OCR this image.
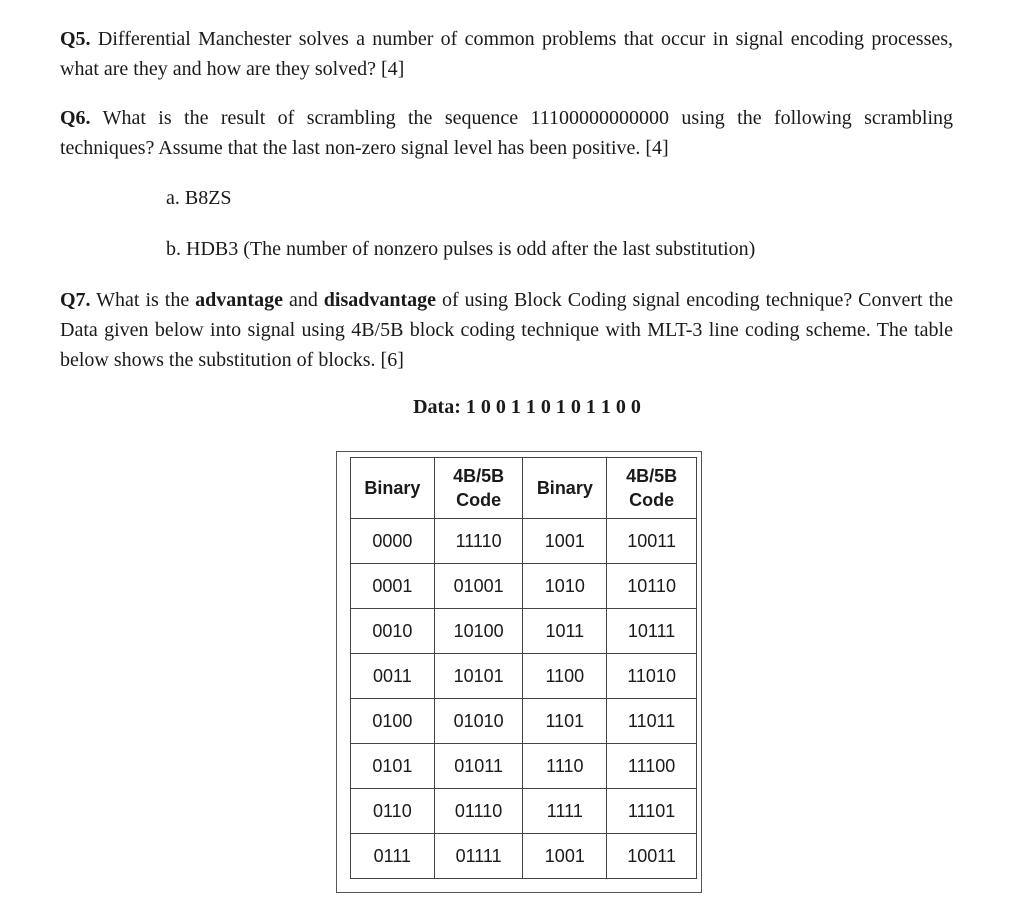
Q5. Differential Manchester solves a number of common problems that occur in signal encoding processes, what are they and how are they solved? [4]

Q6. What is the result of scrambling the sequence 11100000000000 using the following scrambling techniques? Assume that the last non-zero signal level has been positive. [4]

a. B8ZS

b. HDB3 (The number of nonzero pulses is odd after the last substitution)

Q7. What is the advantage and disadvantage of using Block Coding signal encoding technique? Convert the Data given below into signal using 4B/5B block coding technique with MLT-3 line coding scheme. The table below shows the substitution of blocks. [6]

Data: 1 0 0 1 1 0 1 0 1 1 0 0
Binary	4B/5B Code	Binary	4B/5B Code
0000	11110	1001	10011
0001	01001	1010	10110
0010	10100	1011	10111
0011	10101	1100	11010
0100	01010	1101	11011
0101	01011	1110	11100
0110	01110	1111	11101
0111	01111	1001	10011
